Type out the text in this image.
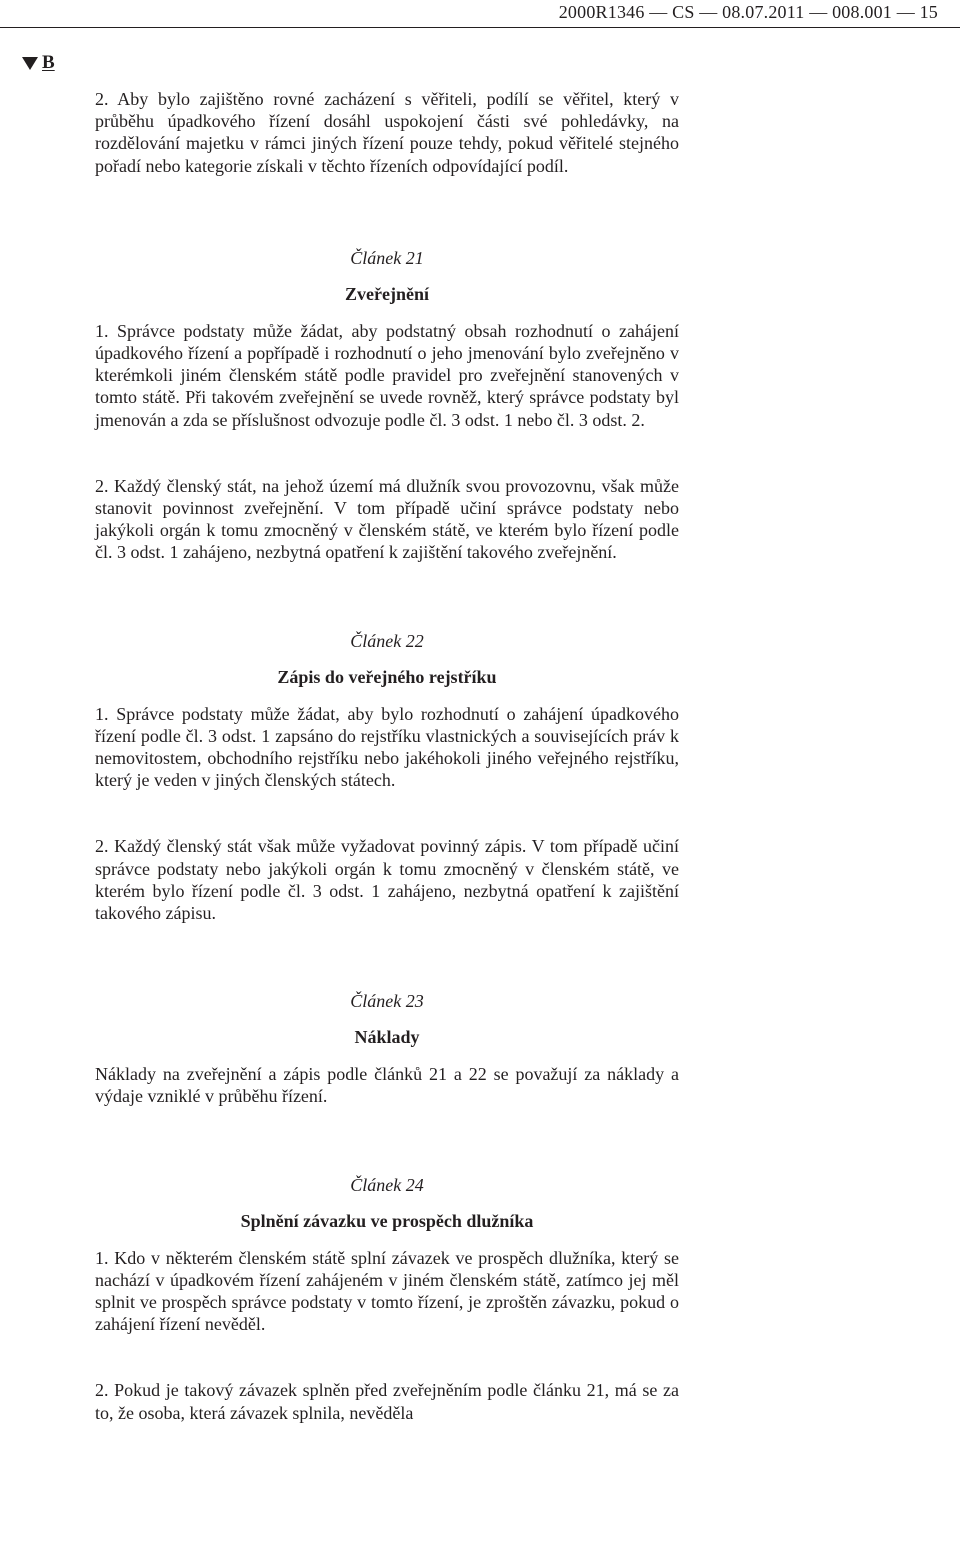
2000R1346 — CS — 08.07.2011 — 008.001 — 15
B

2. Aby bylo zajištěno rovné zacházení s věřiteli, podílí se věřitel, který v průběhu úpadkového řízení dosáhl uspokojení části své pohledávky, na rozdělování majetku v rámci jiných řízení pouze tehdy, pokud věřitelé stejného pořadí nebo kategorie získali v těchto řízeních odpovídající podíl.

Článek 21

Zveřejnění

1. Správce podstaty může žádat, aby podstatný obsah rozhodnutí o zahájení úpadkového řízení a popřípadě i rozhodnutí o jeho jmenování bylo zveřejněno v kterémkoli jiném členském státě podle pravidel pro zveřejnění stanovených v tomto státě. Při takovém zveřejnění se uvede rovněž, který správce podstaty byl jmenován a zda se příslušnost odvozuje podle čl. 3 odst. 1 nebo čl. 3 odst. 2.

2. Každý členský stát, na jehož území má dlužník svou provozovnu, však může stanovit povinnost zveřejnění. V tom případě učiní správce podstaty nebo jakýkoli orgán k tomu zmocněný v členském státě, ve kterém bylo řízení podle čl. 3 odst. 1 zahájeno, nezbytná opatření k zajištění takového zveřejnění.

Článek 22

Zápis do veřejného rejstříku

1. Správce podstaty může žádat, aby bylo rozhodnutí o zahájení úpadkového řízení podle čl. 3 odst. 1 zapsáno do rejstříku vlastnických a souvisejících práv k nemovitostem, obchodního rejstříku nebo jakéhokoli jiného veřejného rejstříku, který je veden v jiných členských státech.

2. Každý členský stát však může vyžadovat povinný zápis. V tom případě učiní správce podstaty nebo jakýkoli orgán k tomu zmocněný v členském státě, ve kterém bylo řízení podle čl. 3 odst. 1 zahájeno, nezbytná opatření k zajištění takového zápisu.

Článek 23

Náklady

Náklady na zveřejnění a zápis podle článků 21 a 22 se považují za náklady a výdaje vzniklé v průběhu řízení.

Článek 24

Splnění závazku ve prospěch dlužníka

1. Kdo v některém členském státě splní závazek ve prospěch dlužníka, který se nachází v úpadkovém řízení zahájeném v jiném členském státě, zatímco jej měl splnit ve prospěch správce podstaty v tomto řízení, je zproštěn závazku, pokud o zahájení řízení nevěděl.

2. Pokud je takový závazek splněn před zveřejněním podle článku 21, má se za to, že osoba, která závazek splnila, nevěděla
